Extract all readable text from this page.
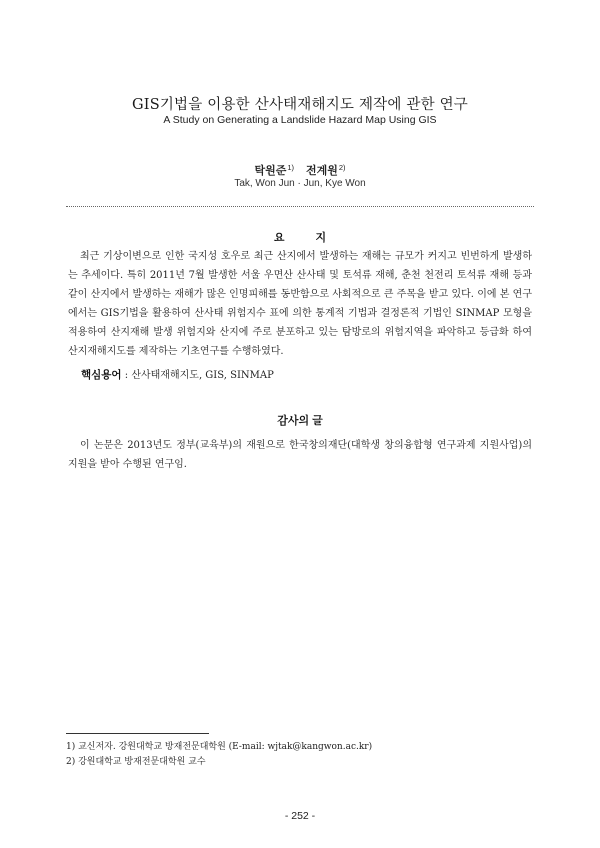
GIS기법을 이용한 산사태재해지도 제작에 관한 연구
A Study on Generating a Landslide Hazard Map Using GIS
탁원준$^{1)}$ 전계원$^{2)}$
Tak, Won Jun · Jun, Kye Won
요 지
최근 기상이변으로 인한 국지성 호우로 최근 산지에서 발생하는 재해는 규모가 커지고 빈번하게 발생하는 추세이다. 특히 2011년 7월 발생한 서울 우면산 산사태 및 토석류 재해, 춘천 천전리 토석류 재해 등과 같이 산지에서 발생하는 재해가 많은 인명피해를 동반함으로 사회적으로 큰 주목을 받고 있다. 이에 본 연구에서는 GIS기법을 활용하여 산사태 위험지수 표에 의한 통계적 기법과 결정론적 기법인 SINMAP 모형을 적용하여 산지재해 발생 위험지와 산지에 주로 분포하고 있는 탐방로의 위험지역을 파악하고 등급화 하여 산지재해지도를 제작하는 기초연구를 수행하였다.
핵심용어 : 산사태재해지도, GIS, SINMAP
감사의 글
이 논문은 2013년도 정부(교육부)의 재원으로 한국창의재단(대학생 창의융합형 연구과제 지원사업)의 지원을 받아 수행된 연구임.
1) 교신저자. 강원대학교 방재전문대학원 (E-mail: wjtak@kangwon.ac.kr)
2) 강원대학교 방재전문대학원 교수
- 252 -
